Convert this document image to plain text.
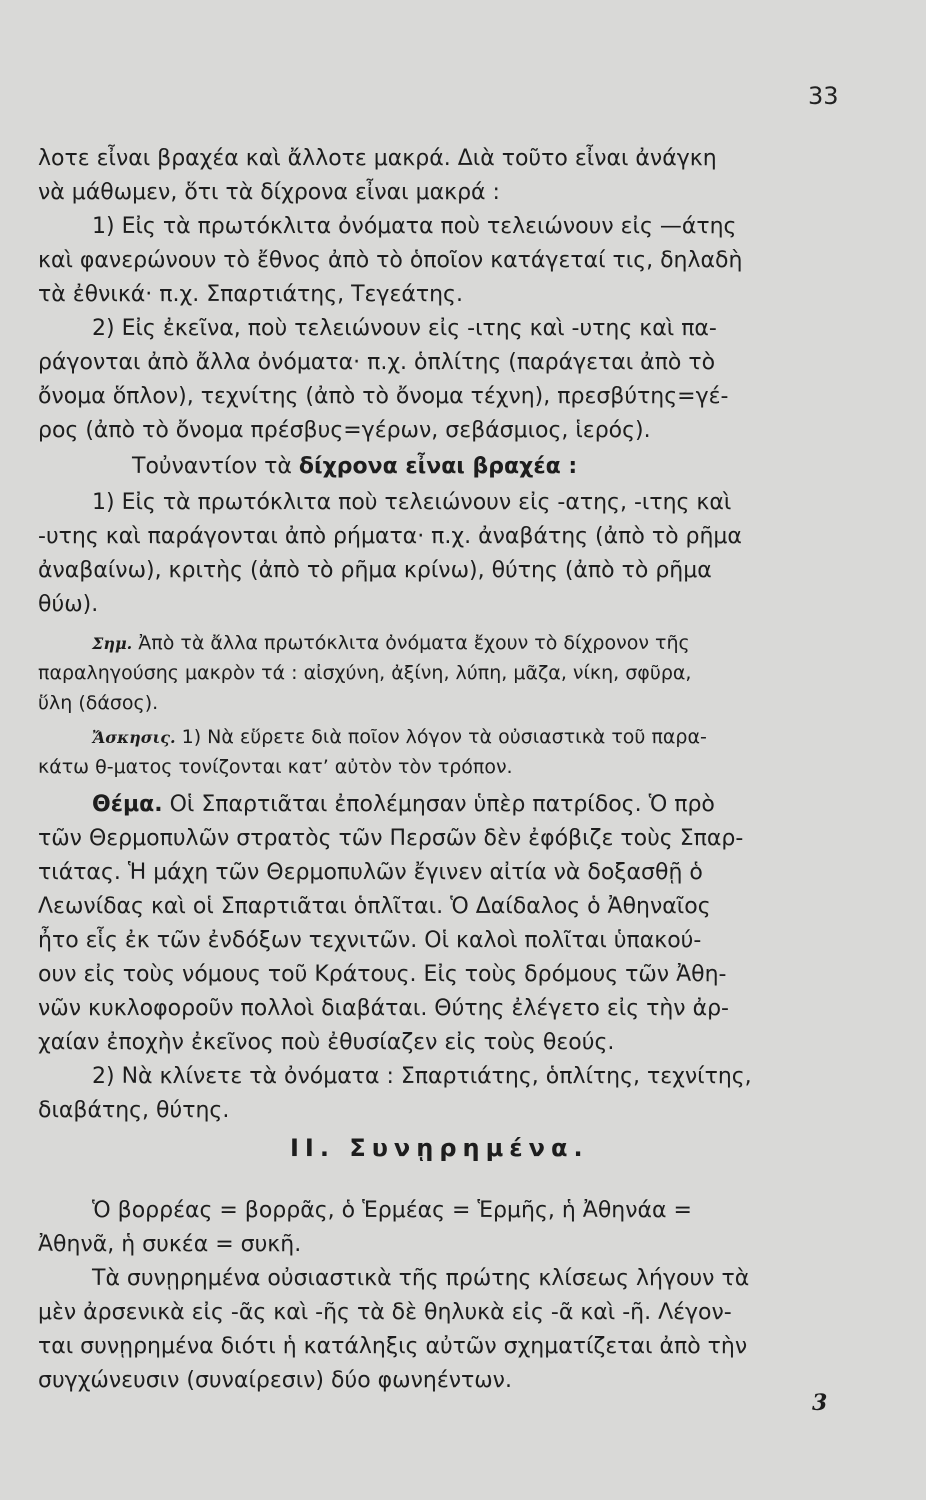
33
λοτε εἶναι βραχέα καὶ ἄλλοτε μακρά. Διὰ τοῦτο εἶναι ἀνάγκη
νὰ μάθωμεν, ὅτι τὰ δίχρονα εἶναι μακρά :
1) Εἰς τὰ πρωτόκλιτα ὀνόματα ποὺ τελειώνουν εἰς —άτης
καὶ φανερώνουν τὸ ἔθνος ἀπὸ τὸ ὁποῖον κατάγεταί τις, δηλαδὴ
τὰ ἐθνικά· π.χ. Σπαρτιάτης, Τεγεάτης.
2) Εἰς ἐκεῖνα, ποὺ τελειώνουν εἰς -ιτης καὶ -υτης καὶ πα-
ράγονται ἀπὸ ἄλλα ὀνόματα· π.χ. ὁπλίτης (παράγεται ἀπὸ τὸ
ὄνομα ὅπλον), τεχνίτης (ἀπὸ τὸ ὄνομα τέχνη), πρεσβύτης=γέ-
ρος (ἀπὸ τὸ ὄνομα πρέσβυς=γέρων, σεβάσμιος, ἱερός).
Τοὐναντίον τὰ δίχρονα εἶναι βραχέα :
1) Εἰς τὰ πρωτόκλιτα ποὺ τελειώνουν εἰς -ατης, -ιτης καὶ
-υτης καὶ παράγονται ἀπὸ ρήματα· π.χ. ἀναβάτης (ἀπὸ τὸ ρῆμα
ἀναβαίνω), κριτὴς (ἀπὸ τὸ ρῆμα κρίνω), θύτης (ἀπὸ τὸ ρῆμα
θύω).
Σημ. Ἀπὸ τὰ ἄλλα πρωτόκλιτα ὀνόματα ἔχουν τὸ δίχρονον τῆς
παραληγούσης μακρὸν τά : αἰσχύνη, ἀξίνη, λύπη, μᾶζα, νίκη, σφῦρα,
ὕλη (δάσος).
Ἄσκησις. 1) Νὰ εὕρετε διὰ ποῖον λόγον τὰ οὐσιαστικὰ τοῦ παρα-
κάτω θ-ματος τονίζονται κατ’ αὐτὸν τὸν τρόπον.
Θέμα. Οἱ Σπαρτιᾶται ἐπολέμησαν ὑπὲρ πατρίδος. Ὁ πρὸ
τῶν Θερμοπυλῶν στρατὸς τῶν Περσῶν δὲν ἐφόβιζε τοὺς Σπαρ-
τιάτας. Ἡ μάχη τῶν Θερμοπυλῶν ἔγινεν αἰτία νὰ δοξασθῇ ὁ
Λεωνίδας καὶ οἱ Σπαρτιᾶται ὁπλῖται. Ὁ Δαίδαλος ὁ Ἀθηναῖος
ἦτο εἷς ἐκ τῶν ἐνδόξων τεχνιτῶν. Οἱ καλοὶ πολῖται ὑπακού-
ουν εἰς τοὺς νόμους τοῦ Κράτους. Εἰς τοὺς δρόμους τῶν Ἀθη-
νῶν κυκλοφοροῦν πολλοὶ διαβάται. Θύτης ἐλέγετο εἰς τὴν ἀρ-
χαίαν ἐποχὴν ἐκεῖνος ποὺ ἐθυσίαζεν εἰς τοὺς θεούς.
2) Νὰ κλίνετε τὰ ὀνόματα : Σπαρτιάτης, ὁπλίτης, τεχνίτης,
διαβάτης, θύτης.
ΙΙ. Συνῃρημένα.
Ὁ βορρέας = βορρᾶς, ὁ Ἑρμέας = Ἑρμῆς, ἡ Ἀθηνάα =
Ἀθηνᾶ, ἡ συκέα = συκῆ.
Τὰ συνῃρημένα οὐσιαστικὰ τῆς πρώτης κλίσεως λήγουν τὰ
μὲν ἀρσενικὰ εἰς -ᾶς καὶ -ῆς τὰ δὲ θηλυκὰ εἰς -ᾶ καὶ -ῆ. Λέγον-
ται συνῃρημένα διότι ἡ κατάληξις αὐτῶν σχηματίζεται ἀπὸ τὴν
συγχώνευσιν (συναίρεσιν) δύο φωνηέντων.
3
